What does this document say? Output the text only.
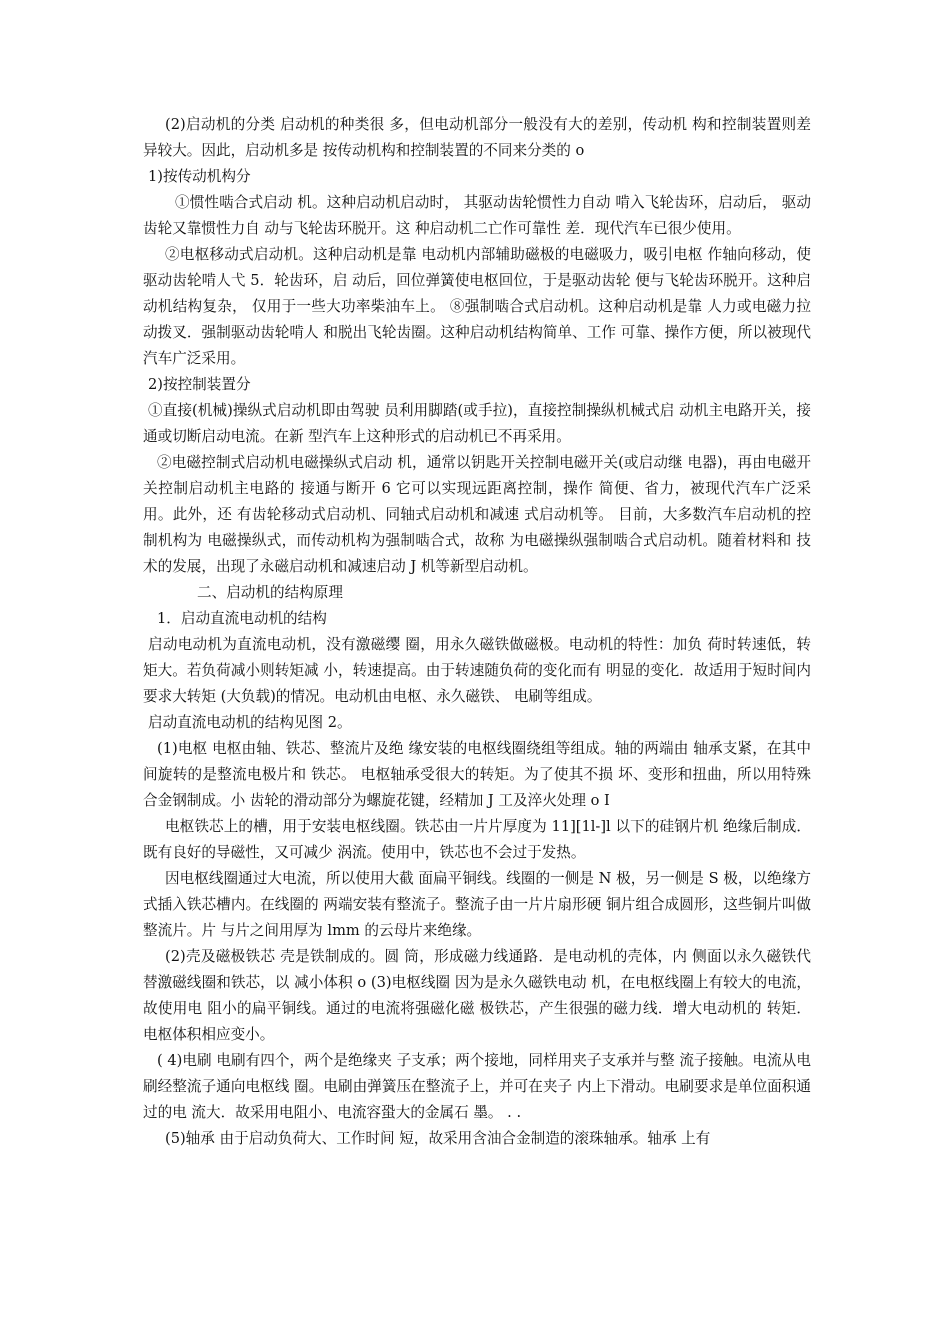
(2)启动机的分类 启动机的种类很 多，但电动机部分一般没有大的差别，传动机 构和控制装置则差异较大。因此，启动机多是 按传动机构和控制装置的不同来分类的 o

1)按传动机构分

①惯性啮合式启动 机。这种启动机启动时， 其驱动齿轮惯性力自动 啃入飞轮齿环，启动后， 驱动齿轮又靠惯性力自 动与飞轮齿环脱开。这 种启动机二亡作可靠性 差．现代汽车已很少使用。

②电枢移动式启动机。这种启动机是靠 电动机内部辅助磁极的电磁吸力，吸引电枢 作轴向移动，使驱动齿轮啃人弋 5．轮齿环，启 动后，回位弹簧使电枢回位，于是驱动齿轮 便与飞轮齿环脱开。这种启动机结构复杂， 仅用于一些大功率柴油车上。 ⑧强制啮合式启动机。这种启动机是靠 人力或电磁力拉动拨叉．强制驱动齿轮啃人 和脱出飞轮齿圈。这种启动机结构简单、工作 可靠、操作方便，所以被现代汽车广泛采用。

2)按控制装置分

①直接(机械)操纵式启动机即由驾驶 员利用脚踏(或手拉)，直接控制操纵机械式启 动机主电路开关，接通或切断启动电流。在新 型汽车上这种形式的启动机已不再采用。

②电磁控制式启动机电磁操纵式启动 机，通常以钥匙开关控制电磁开关(或启动继 电器)，再由电磁开关控制启动机主电路的 接通与断开 6 它可以实现远距离控制，操作 简便、省力，被现代汽车广泛采用。此外，还 有齿轮移动式启动机、同轴式启动机和减速 式启动机等。 目前，大多数汽车启动机的控制机构为 电磁操纵式，而传动机构为强制啮合式，故称 为电磁操纵强制啮合式启动机。随着材料和 技术的发展，出现了永磁启动机和减速启动 J 机等新型启动机。

二、启动机的结构原理

1．启动直流电动机的结构

启动电动机为直流电动机，没有激磁缨 圈，用永久磁铁做磁极。电动机的特性：加负 荷时转速低，转矩大。若负荷减小则转矩减 小，转速提高。由于转速随负荷的变化而有 明显的变化．故适用于短时间内要求大转矩 (大负载)的情况。电动机由电枢、永久磁铁、 电刷等组成。

启动直流电动机的结构见图 2。

(1)电枢 电枢由轴、铁芯、整流片及绝 缘安装的电枢线圈绕组等组成。轴的两端由 轴承支紧，在其中间旋转的是整流电极片和 铁芯。 电枢轴承受很大的转矩。为了使其不损 坏、变形和扭曲，所以用特殊合金钢制成。小 齿轮的滑动部分为螺旋花键，经精加 J 工及淬火处理 o I

电枢铁芯上的槽，用于安装电枢线圈。铁芯由一片片厚度为 11][1l-]l 以下的硅钢片机 绝缘后制成．既有良好的导磁性，又可减少 涡流。使用中，铁芯也不会过于发热。

因电枢线圈通过大电流，所以使用大截 面扁平铜线。线圈的一侧是 N 极，另一侧是 S 极，以绝缘方式插入铁芯槽内。在线圈的 两端安装有整流子。整流子由一片片扇形硬 铜片组合成圆形，这些铜片叫做整流片。片 与片之间用厚为 lmm 的云母片来绝缘。

(2)壳及磁极铁芯 壳是铁制成的。圆 筒，形成磁力线通路．是电动机的壳体，内 侧面以永久磁铁代替激磁线圈和铁芯，以 减小体积 o (3)电枢线圈 因为是永久磁铁电动 机，在电枢线圈上有较大的电流，故使用电 阻小的扁平铜线。通过的电流将强磁化磁 极铁芯，产生很强的磁力线．增大电动机的 转矩．电枢体积相应变小。

( 4)电刷 电刷有四个，两个是绝缘夹 子支承；两个接地，同样用夹子支承并与整 流子接触。电流从电刷经整流子通向电枢线 圈。电刷由弹簧压在整流子上，并可在夹子 内上下滑动。电刷要求是单位面积通过的电 流大．故采用电阻小、电流容蛩大的金属石 墨。 . .

(5)轴承 由于启动负荷大、工作时间 短，故采用含油合金制造的滚珠轴承。轴承 上有
